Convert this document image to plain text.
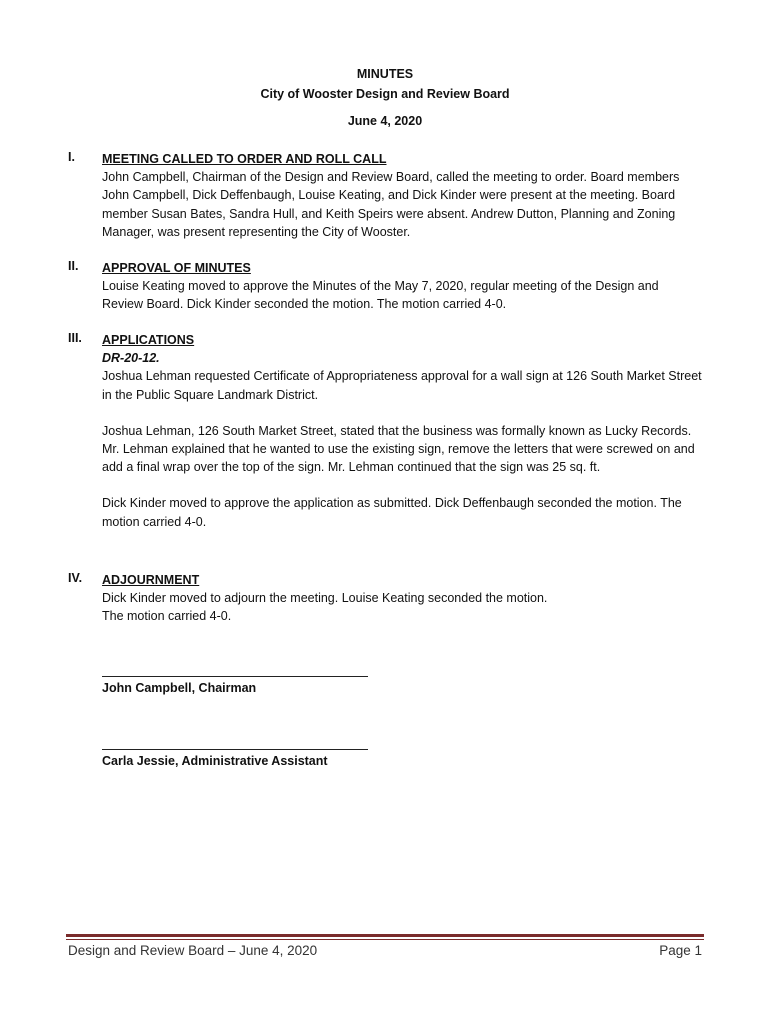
MINUTES
City of Wooster Design and Review Board
June 4, 2020
I. MEETING CALLED TO ORDER AND ROLL CALL

John Campbell, Chairman of the Design and Review Board, called the meeting to order. Board members John Campbell, Dick Deffenbaugh, Louise Keating, and Dick Kinder were present at the meeting. Board member Susan Bates, Sandra Hull, and Keith Speirs were absent. Andrew Dutton, Planning and Zoning Manager, was present representing the City of Wooster.

II. APPROVAL OF MINUTES

Louise Keating moved to approve the Minutes of the May 7, 2020, regular meeting of the Design and Review Board. Dick Kinder seconded the motion. The motion carried 4-0.

III. APPLICATIONS

DR-20-12.

Joshua Lehman requested Certificate of Appropriateness approval for a wall sign at 126 South Market Street in the Public Square Landmark District.

Joshua Lehman, 126 South Market Street, stated that the business was formally known as Lucky Records. Mr. Lehman explained that he wanted to use the existing sign, remove the letters that were screwed on and add a final wrap over the top of the sign. Mr. Lehman continued that the sign was 25 sq. ft.

Dick Kinder moved to approve the application as submitted. Dick Deffenbaugh seconded the motion. The motion carried 4-0.

IV. ADJOURNMENT

Dick Kinder moved to adjourn the meeting. Louise Keating seconded the motion.

The motion carried 4-0.

John Campbell, Chairman
Carla Jessie, Administrative Assistant
Design and Review Board – June 4, 2020	Page 1
